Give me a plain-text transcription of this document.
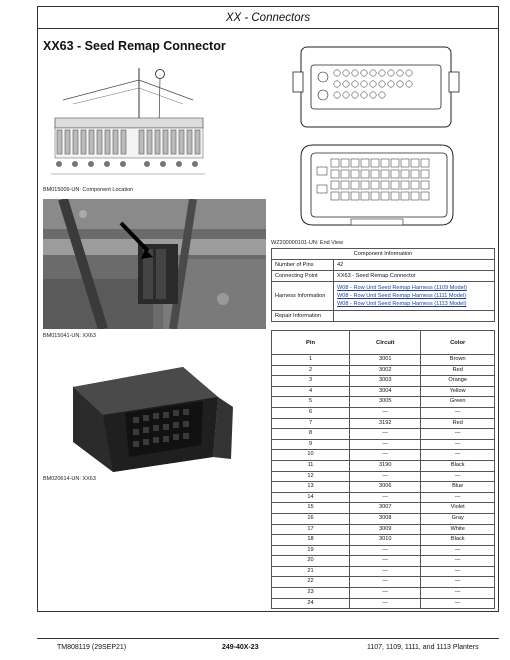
XX - Connectors
XX63 - Seed Remap Connector
BM015009-UN: Component Location
BM015041-UN: XX63
BM020614-UN: XX63
WZ200000101-UN: End View
Component Information	
Number of Pins	42
Connecting Point	XX63 - Seed Remap Connector
Harness Information	W08 - Row Unit Seed Remap Harness (1109 Model)
W08 - Row Unit Seed Remap Harness (1111 Model)
W08 - Row Unit Seed Remap Harness (1113 Model)

Repair Information	
Pin	Circuit	Color
1	3001	Brown
2	3002	Red
3	3003	Orange
4	3004	Yellow
5	3005	Green
6	—	—
7	3192	Red
8	—	—
9	—	—
10	—	—
11	3190	Black
12	—	—
13	3006	Blue
14	—	—
15	3007	Violet
16	3008	Gray
17	3009	White
18	3010	Black
19	—	—
20	—	—
21	—	—
22	—	—
23	—	—
24	—	—
TM808119 (29SEP21)	249-40X-23	1107, 1109, 1111, and 1113 Planters
